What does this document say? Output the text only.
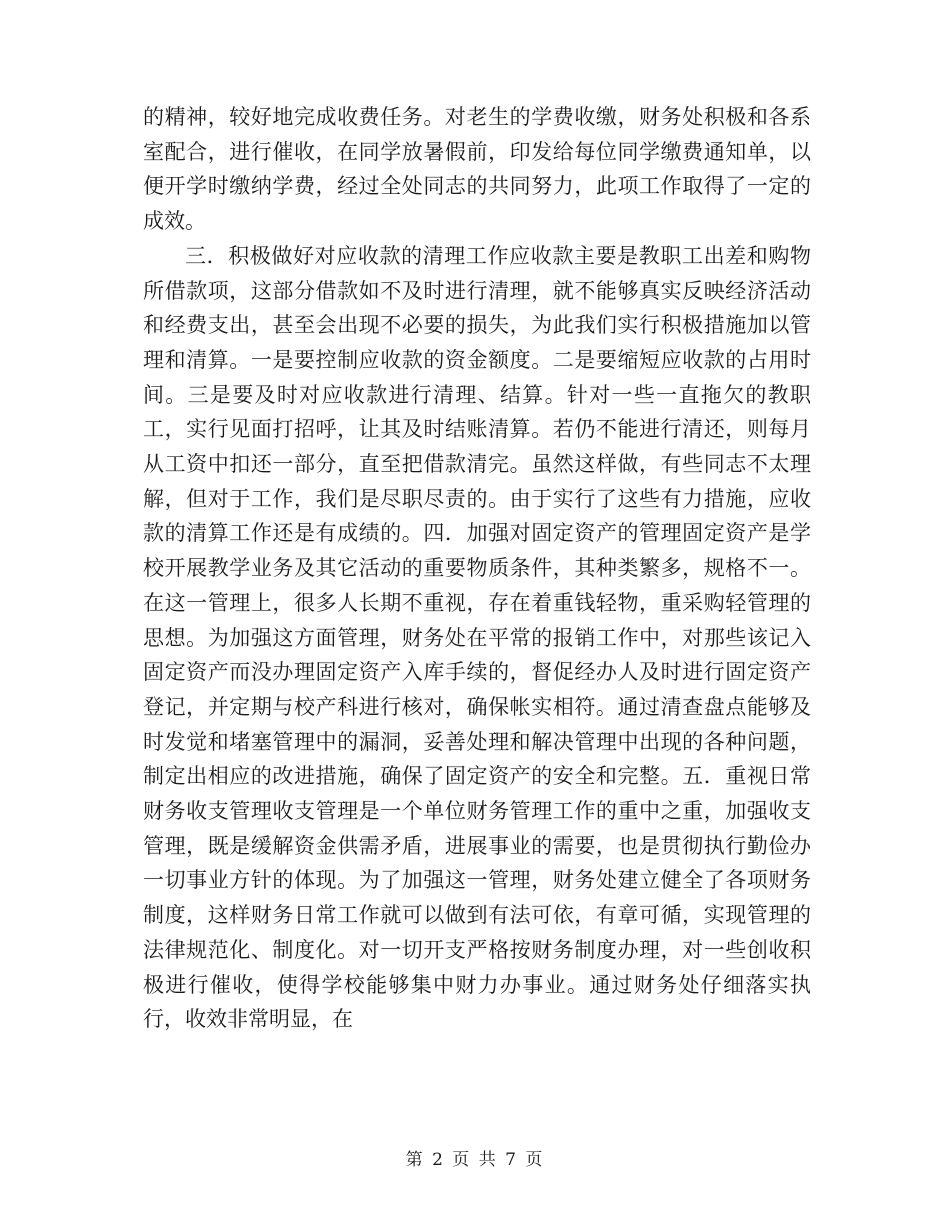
的精神，较好地完成收费任务。对老生的学费收缴，财务处积极和各系室配合，进行催收，在同学放暑假前，印发给每位同学缴费通知单，以便开学时缴纳学费，经过全处同志的共同努力，此项工作取得了一定的成效。

三．积极做好对应收款的清理工作应收款主要是教职工出差和购物所借款项，这部分借款如不及时进行清理，就不能够真实反映经济活动和经费支出，甚至会出现不必要的损失，为此我们实行积极措施加以管理和清算。一是要控制应收款的资金额度。二是要缩短应收款的占用时间。三是要及时对应收款进行清理、结算。针对一些一直拖欠的教职工，实行见面打招呼，让其及时结账清算。若仍不能进行清还，则每月从工资中扣还一部分，直至把借款清完。虽然这样做，有些同志不太理解，但对于工作，我们是尽职尽责的。由于实行了这些有力措施，应收款的清算工作还是有成绩的。四．加强对固定资产的管理固定资产是学校开展教学业务及其它活动的重要物质条件，其种类繁多，规格不一。在这一管理上，很多人长期不重视，存在着重钱轻物，重采购轻管理的思想。为加强这方面管理，财务处在平常的报销工作中，对那些该记入固定资产而没办理固定资产入库手续的，督促经办人及时进行固定资产登记，并定期与校产科进行核对，确保帐实相符。通过清查盘点能够及时发觉和堵塞管理中的漏洞，妥善处理和解决管理中出现的各种问题，制定出相应的改进措施，确保了固定资产的安全和完整。五．重视日常财务收支管理收支管理是一个单位财务管理工作的重中之重，加强收支管理，既是缓解资金供需矛盾，进展事业的需要，也是贯彻执行勤俭办一切事业方针的体现。为了加强这一管理，财务处建立健全了各项财务制度，这样财务日常工作就可以做到有法可依，有章可循，实现管理的法律规范化、制度化。对一切开支严格按财务制度办理，对一些创收积极进行催收，使得学校能够集中财力办事业。通过财务处仔细落实执行，收效非常明显，在

第 2 页 共 7 页
